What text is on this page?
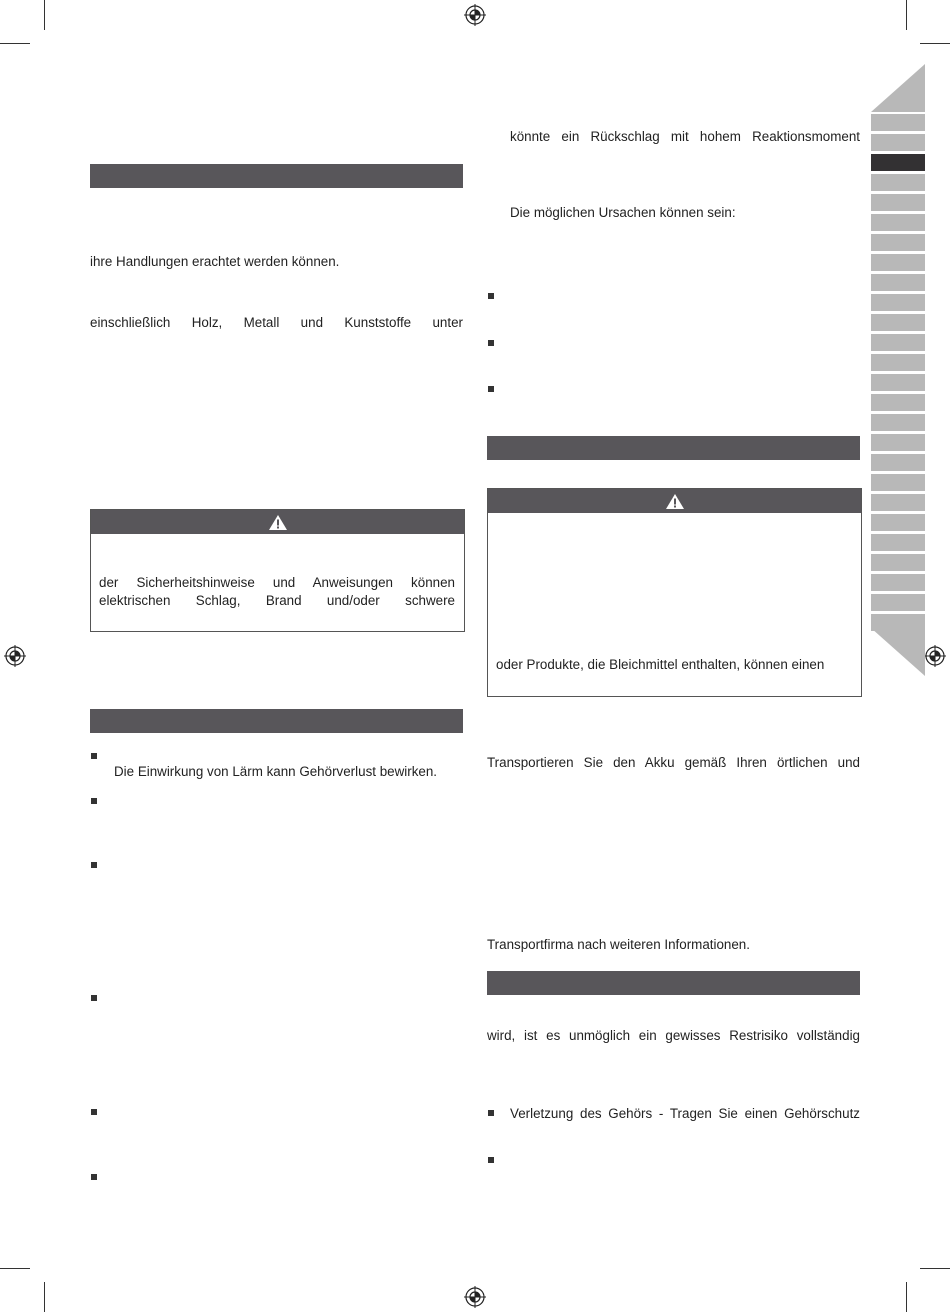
ihre Handlungen erachtet werden können.
einschließlich Holz, Metall und Kunststoffe unter
der Sicherheitshinweise und Anweisungen können
elektrischen Schlag, Brand und/oder schwere
Die Einwirkung von Lärm kann Gehörverlust bewirken.
könnte ein Rückschlag mit hohem Reaktionsmoment
Die möglichen Ursachen können sein:
oder Produkte, die Bleichmittel enthalten, können einen
Transportieren Sie den Akku gemäß Ihren örtlichen und
Transportfirma nach weiteren Informationen.
wird, ist es unmöglich ein gewisses Restrisiko vollständig
Verletzung des Gehörs - Tragen Sie einen Gehörschutz
